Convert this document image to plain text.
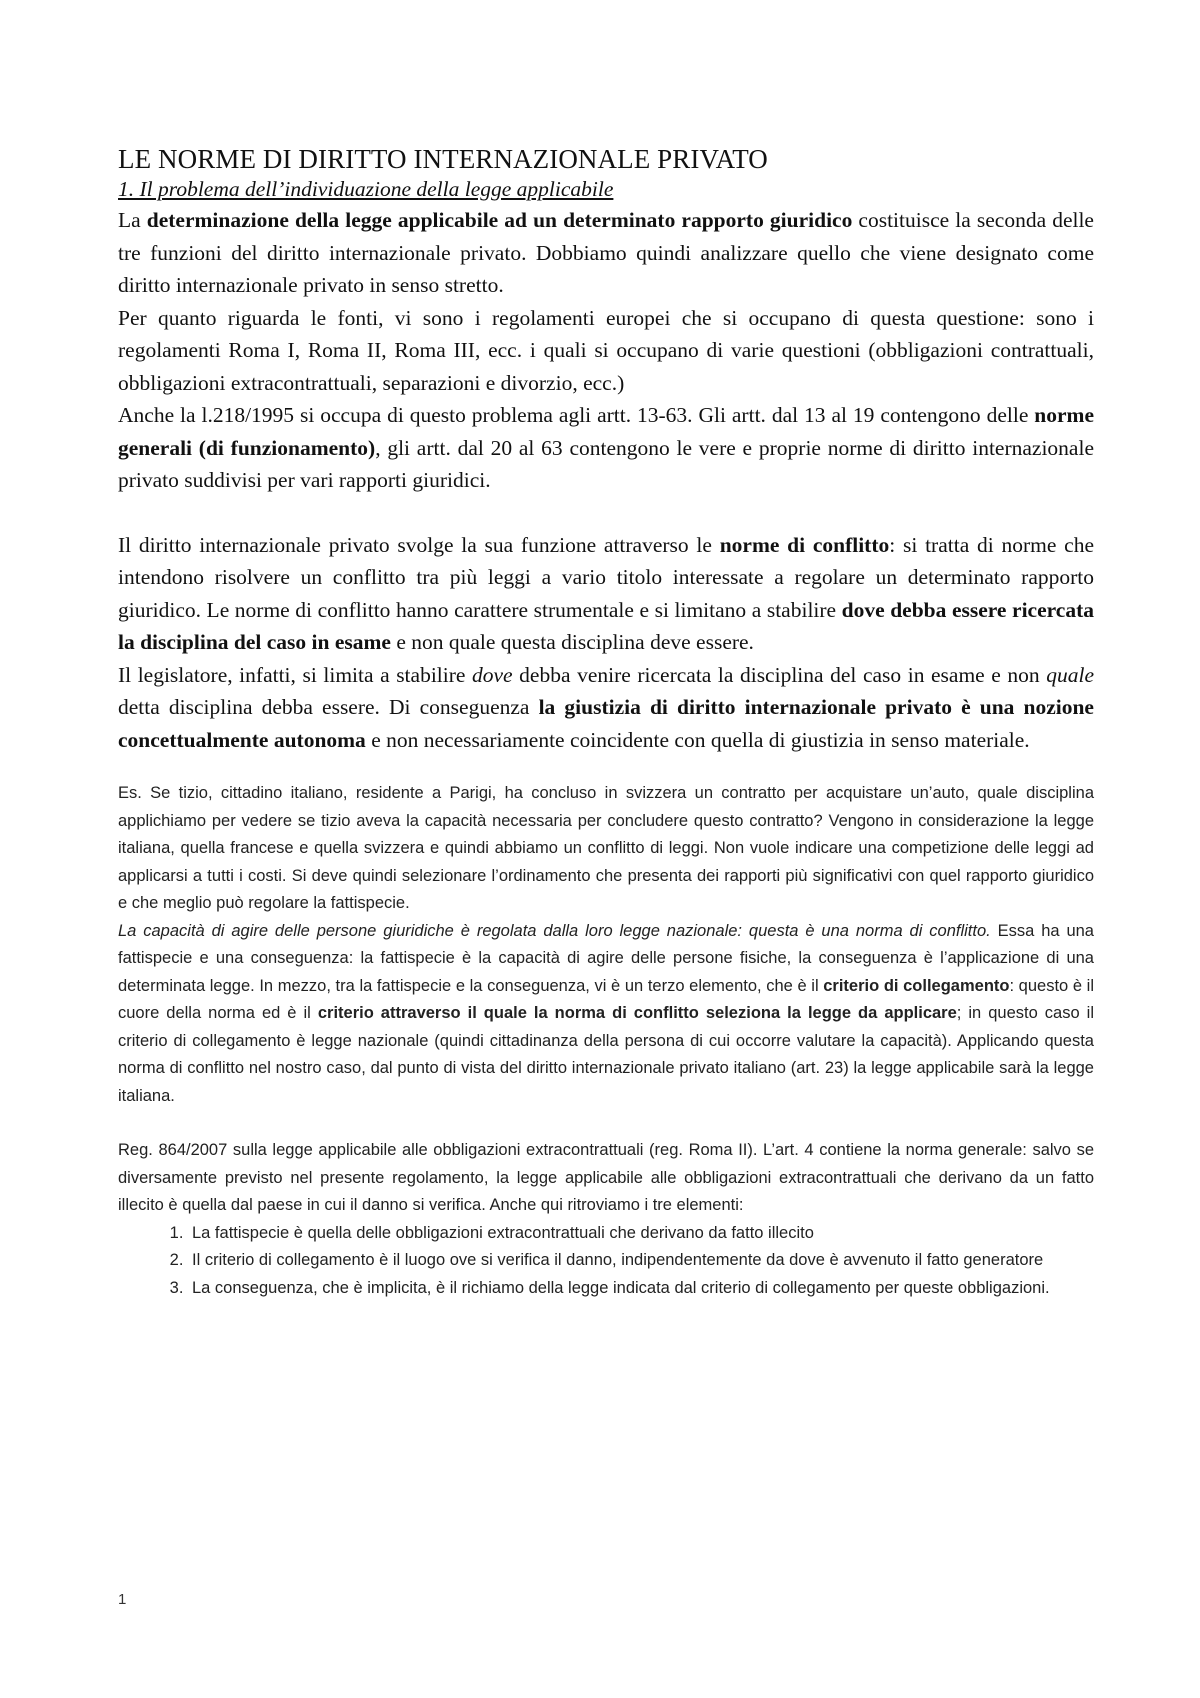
LE NORME DI DIRITTO INTERNAZIONALE PRIVATO

1. Il problema dell’individuazione della legge applicabile

La determinazione della legge applicabile ad un determinato rapporto giuridico costituisce la seconda delle tre funzioni del diritto internazionale privato. Dobbiamo quindi analizzare quello che viene designato come diritto internazionale privato in senso stretto.

Per quanto riguarda le fonti, vi sono i regolamenti europei che si occupano di questa questione: sono i regolamenti Roma I, Roma II, Roma III, ecc. i quali si occupano di varie questioni (obbligazioni contrattuali, obbligazioni extracontrattuali, separazioni e divorzio, ecc.)

Anche la l.218/1995 si occupa di questo problema agli artt. 13-63. Gli artt. dal 13 al 19 contengono delle norme generali (di funzionamento), gli artt. dal 20 al 63 contengono le vere e proprie norme di diritto internazionale privato suddivisi per vari rapporti giuridici.

Il diritto internazionale privato svolge la sua funzione attraverso le norme di conflitto: si tratta di norme che intendono risolvere un conflitto tra più leggi a vario titolo interessate a regolare un determinato rapporto giuridico. Le norme di conflitto hanno carattere strumentale e si limitano a stabilire dove debba essere ricercata la disciplina del caso in esame e non quale questa disciplina deve essere.

Il legislatore, infatti, si limita a stabilire dove debba venire ricercata la disciplina del caso in esame e non quale detta disciplina debba essere. Di conseguenza la giustizia di diritto internazionale privato è una nozione concettualmente autonoma e non necessariamente coincidente con quella di giustizia in senso materiale.

Es. Se tizio, cittadino italiano, residente a Parigi, ha concluso in svizzera un contratto per acquistare un’auto, quale disciplina applichiamo per vedere se tizio aveva la capacità necessaria per concludere questo contratto? Vengono in considerazione la legge italiana, quella francese e quella svizzera e quindi abbiamo un conflitto di leggi. Non vuole indicare una competizione delle leggi ad applicarsi a tutti i costi. Si deve quindi selezionare l’ordinamento che presenta dei rapporti più significativi con quel rapporto giuridico e che meglio può regolare la fattispecie.

La capacità di agire delle persone giuridiche è regolata dalla loro legge nazionale: questa è una norma di conflitto. Essa ha una fattispecie e una conseguenza: la fattispecie è la capacità di agire delle persone fisiche, la conseguenza è l’applicazione di una determinata legge. In mezzo, tra la fattispecie e la conseguenza, vi è un terzo elemento, che è il criterio di collegamento: questo è il cuore della norma ed è il criterio attraverso il quale la norma di conflitto seleziona la legge da applicare; in questo caso il criterio di collegamento è legge nazionale (quindi cittadinanza della persona di cui occorre valutare la capacità). Applicando questa norma di conflitto nel nostro caso, dal punto di vista del diritto internazionale privato italiano (art. 23) la legge applicabile sarà la legge italiana.

Reg. 864/2007 sulla legge applicabile alle obbligazioni extracontrattuali (reg. Roma II). L’art. 4 contiene la norma generale: salvo se diversamente previsto nel presente regolamento, la legge applicabile alle obbligazioni extracontrattuali che derivano da un fatto illecito è quella dal paese in cui il danno si verifica. Anche qui ritroviamo i tre elementi:

1. La fattispecie è quella delle obbligazioni extracontrattuali che derivano da fatto illecito
2. Il criterio di collegamento è il luogo ove si verifica il danno, indipendentemente da dove è avvenuto il fatto generatore
3. La conseguenza, che è implicita, è il richiamo della legge indicata dal criterio di collegamento per queste obbligazioni.
1
